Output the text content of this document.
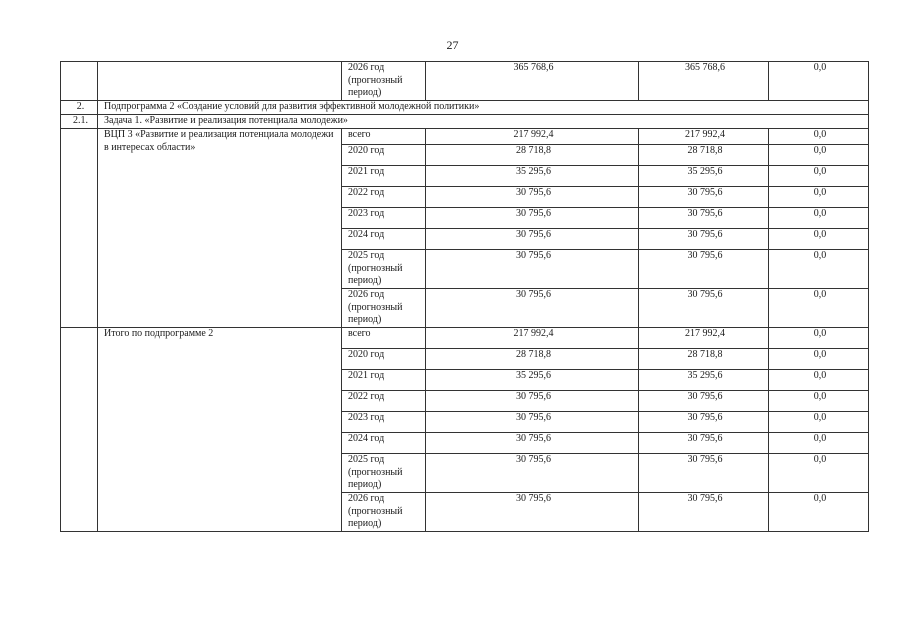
27
		2026 год (прогнозный период)	365 768,6	365 768,6	0,0
2.	Подпрограмма 2 «Создание условий для развития эффективной молодежной политики»				
2.1.	Задача 1. «Развитие и реализация потенциала молодежи»				
	ВЦП 3 «Развитие и реализация потенциала молодежи в интересах области»	всего	217 992,4	217 992,4	0,0
		2020 год	28 718,8	28 718,8	0,0
		2021 год	35 295,6	35 295,6	0,0
		2022 год	30 795,6	30 795,6	0,0
		2023 год	30 795,6	30 795,6	0,0
		2024 год	30 795,6	30 795,6	0,0
		2025 год (прогнозный период)	30 795,6	30 795,6	0,0
		2026 год (прогнозный период)	30 795,6	30 795,6	0,0
	Итого по подпрограмме 2	всего	217 992,4	217 992,4	0,0
		2020 год	28 718,8	28 718,8	0,0
		2021 год	35 295,6	35 295,6	0,0
		2022 год	30 795,6	30 795,6	0,0
		2023 год	30 795,6	30 795,6	0,0
		2024 год	30 795,6	30 795,6	0,0
		2025 год (прогнозный период)	30 795,6	30 795,6	0,0
		2026 год (прогнозный период)	30 795,6	30 795,6	0,0
